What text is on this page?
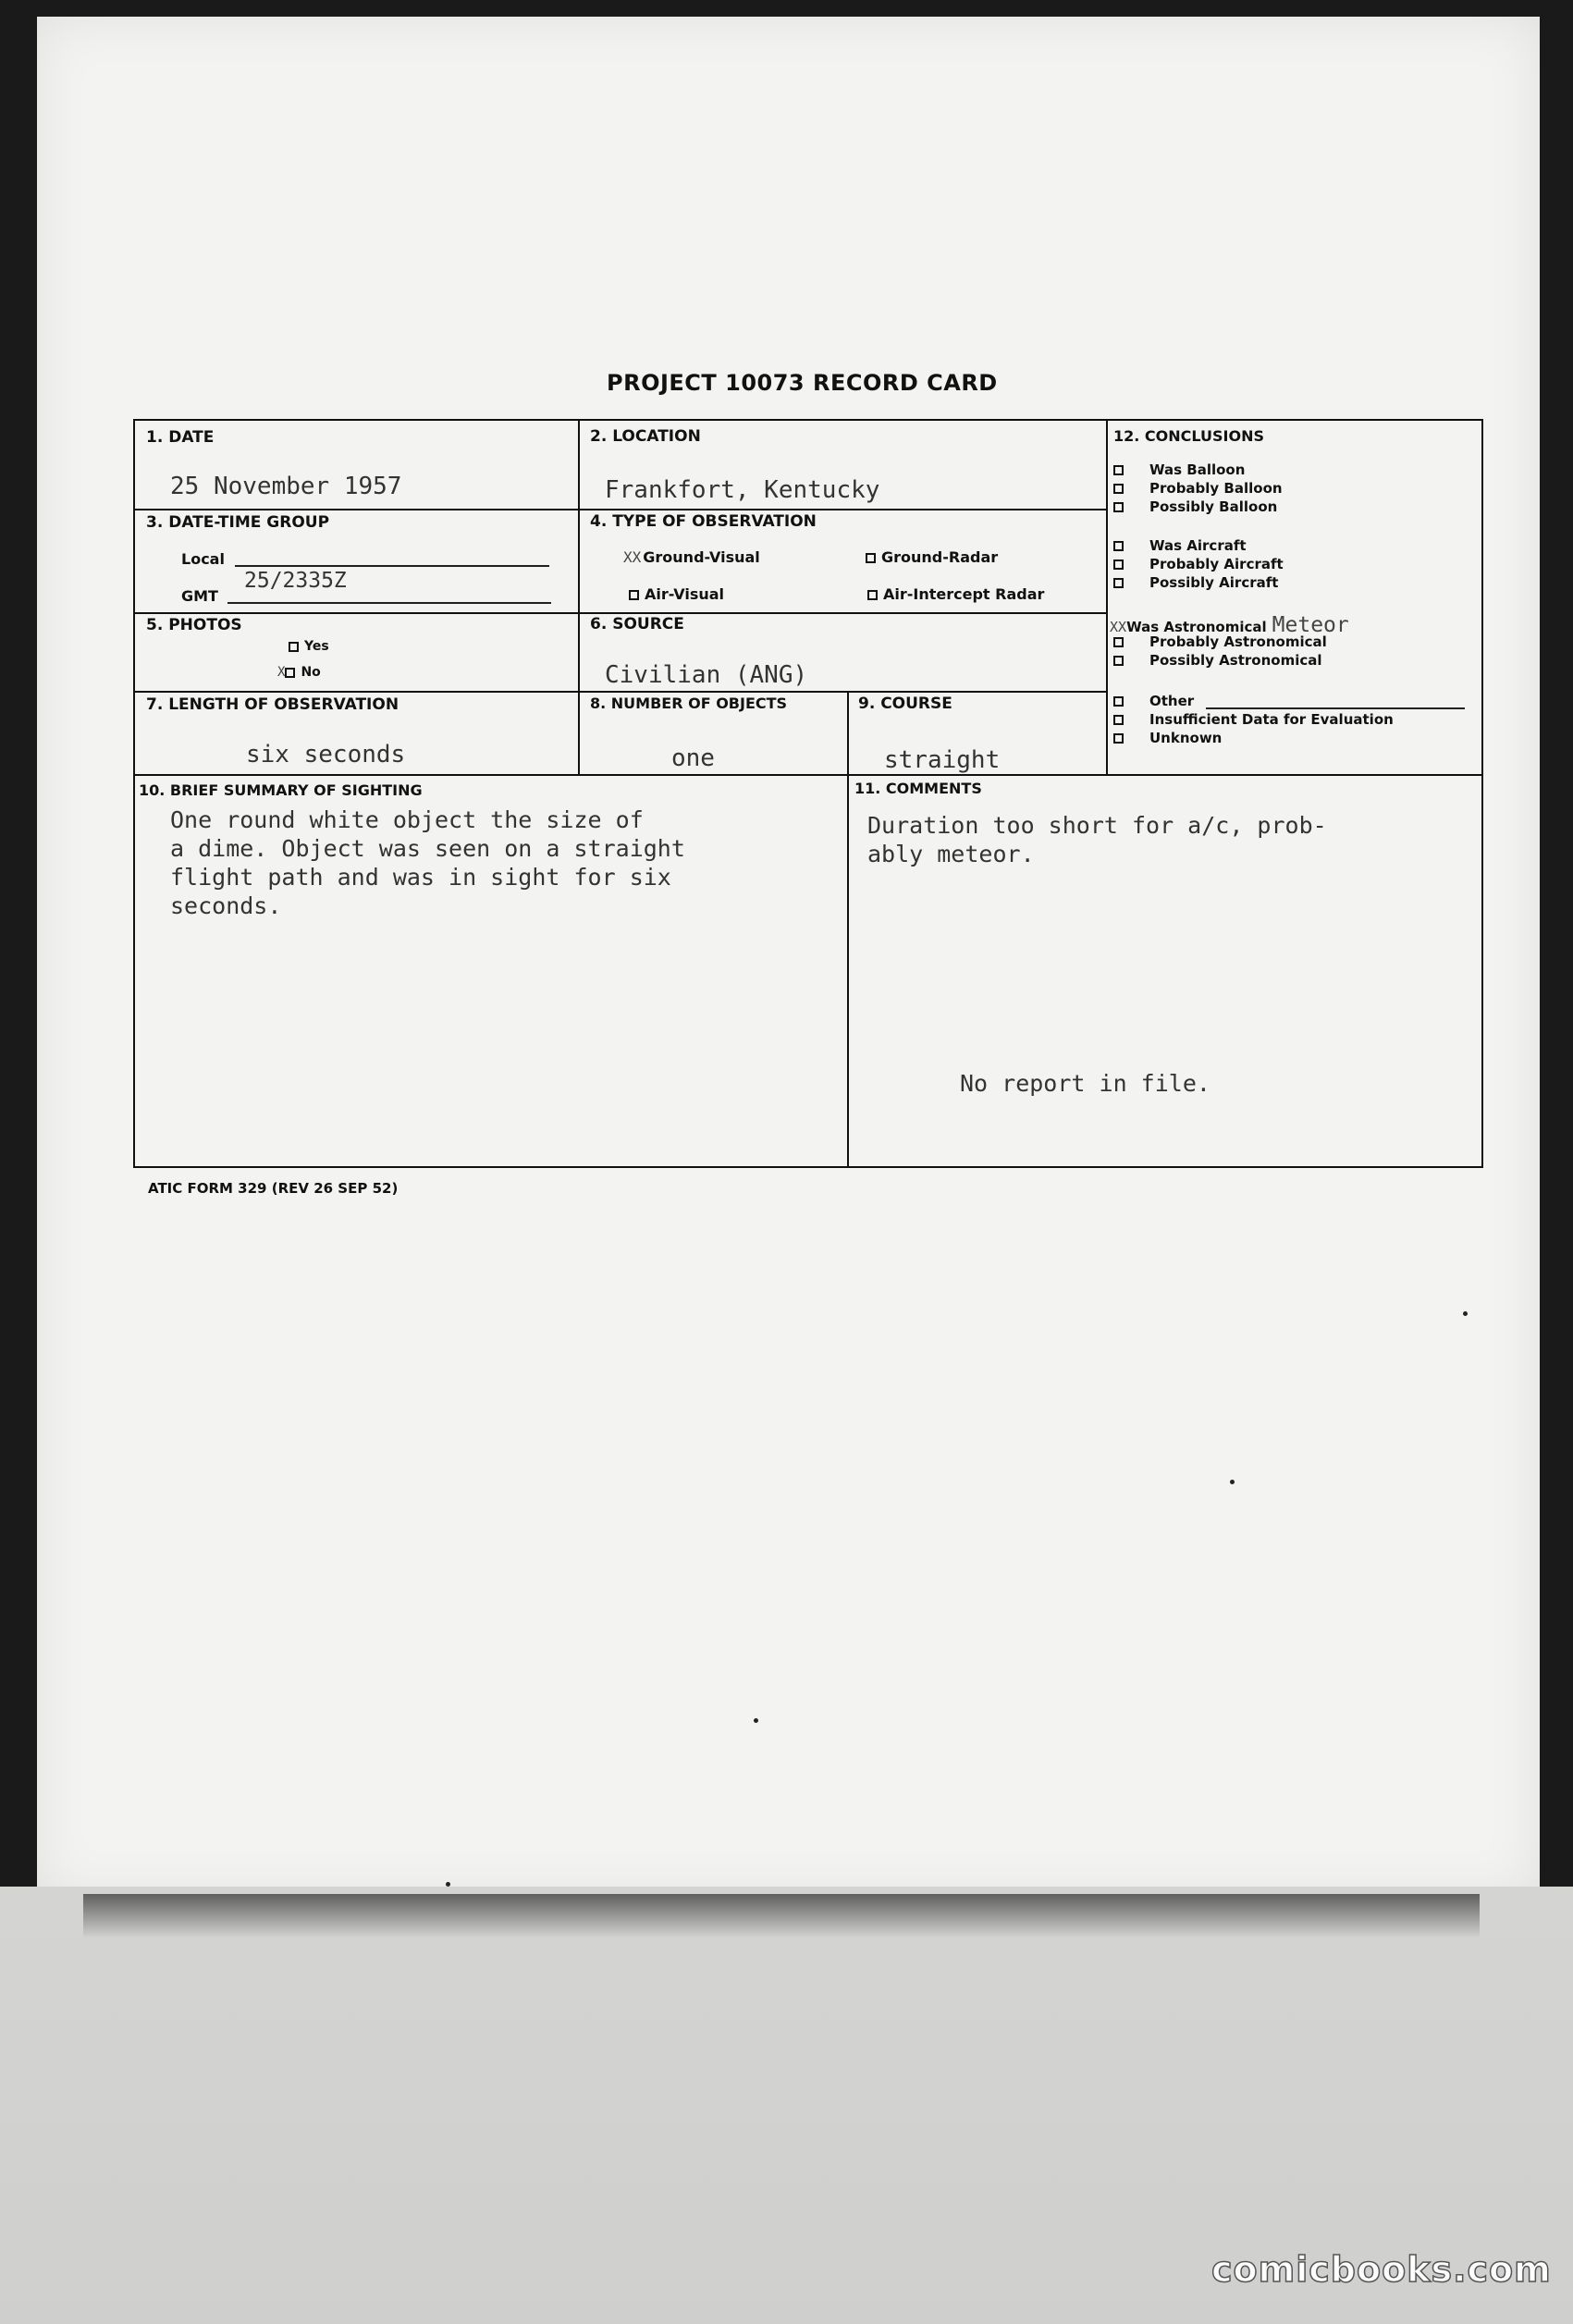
PROJECT 10073 RECORD CARD
1. DATE
25 November 1957
2. LOCATION
Frankfort, Kentucky
3. DATE-TIME GROUP
Local
GMT
25/2335Z
4. TYPE OF OBSERVATION
XX Ground-Visual	Ground-Radar
Air-Visual	Air-Intercept Radar
5. PHOTOS
Yes
X No
6. SOURCE
Civilian (ANG)
7. LENGTH OF OBSERVATION
six seconds
8. NUMBER OF OBJECTS
one
9. COURSE
straight
10. BRIEF SUMMARY OF SIGHTING
One round white object the size of
a dime. Object was seen on a straight
flight path and was in sight for six
seconds.
11. COMMENTS
Duration too short for a/c, prob-
ably meteor.
No report in file.
12. CONCLUSIONS
Was Balloon
Probably Balloon
Possibly Balloon
Was Aircraft
Probably Aircraft
Possibly Aircraft
XXWas Astronomical Meteor
Probably Astronomical
Possibly Astronomical
Other
Insufficient Data for Evaluation
Unknown
ATIC FORM 329 (REV 26 SEP 52)
comicbooks.com
